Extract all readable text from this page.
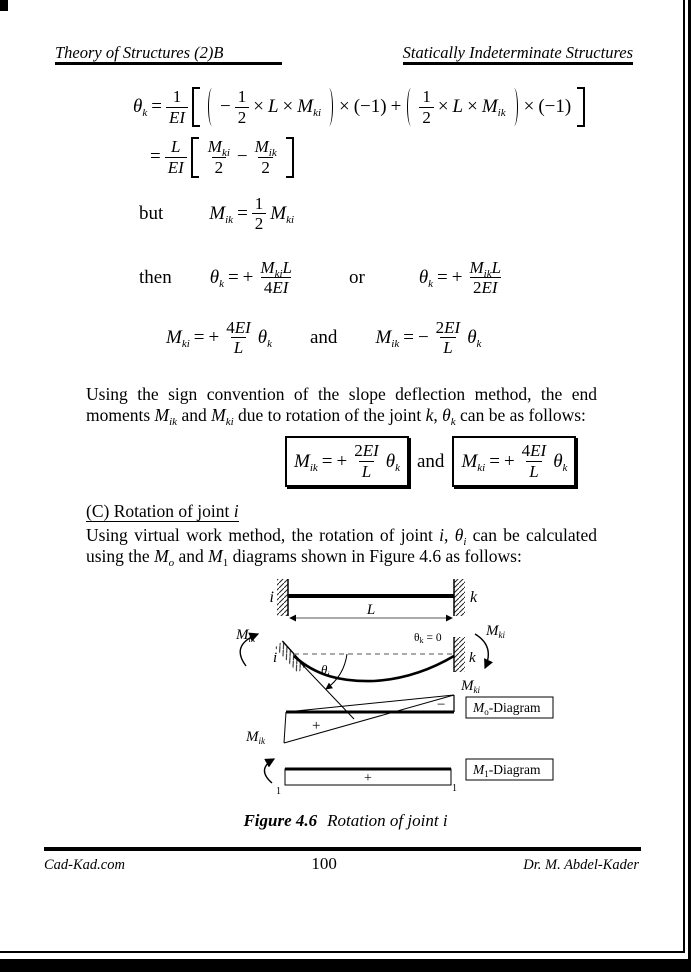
Theory of Structures (2)B	Statically Indeterminate Structures
$\theta_k = \frac{1}{EI} - \frac{1}{2} \times L \times M_{ki} \times (-1) + \frac{1}{2} \times L \times M_{ik} \times (-1)$
= $\frac{L}{EI} \frac{M_{ki}}{2} - \frac{M_{ik}}{2}$
but $M_{ik} = \frac{1}{2} M_{ki}$
then $\theta_k$ = + $\frac{M_{ki}L}{4EI}$	or	$\theta_k$ = + $\frac{M_{ik}L}{2EI}$
$M_{ki}$ = + $\frac{4EI}{L} \theta_k$ and $M_{ik}$ = − $\frac{2EI}{L} \theta_k$

Using the sign convention of the slope deflection method, the end moments $M_{ik}$ and $M_{ki}$ due to rotation of the joint k, $\theta_k$ can be as follows:

$M_{ik}$ = + $\frac{2EI}{L} \theta_k$ and $M_{ki}$ = + $\frac{4EI}{L} \theta_k$
(C) Rotation of joint i

Using virtual work method, the rotation of joint i, $\theta_i$ can be calculated using the $M_o$ and $M_1$ diagrams shown in Figure 4.6 as follows:

i	k
L
$M_{ik}$
i
$\theta_i$
θk = 0
k
$M_{ki}$
$M_{ki}$
+
−
$M_{ik}$
$M_o$-Diagram
+
1	1
$M_1$-Diagram
Figure 4.6 Rotation of joint i
Cad-Kad.com	100	Dr. M. Abdel-Kader
